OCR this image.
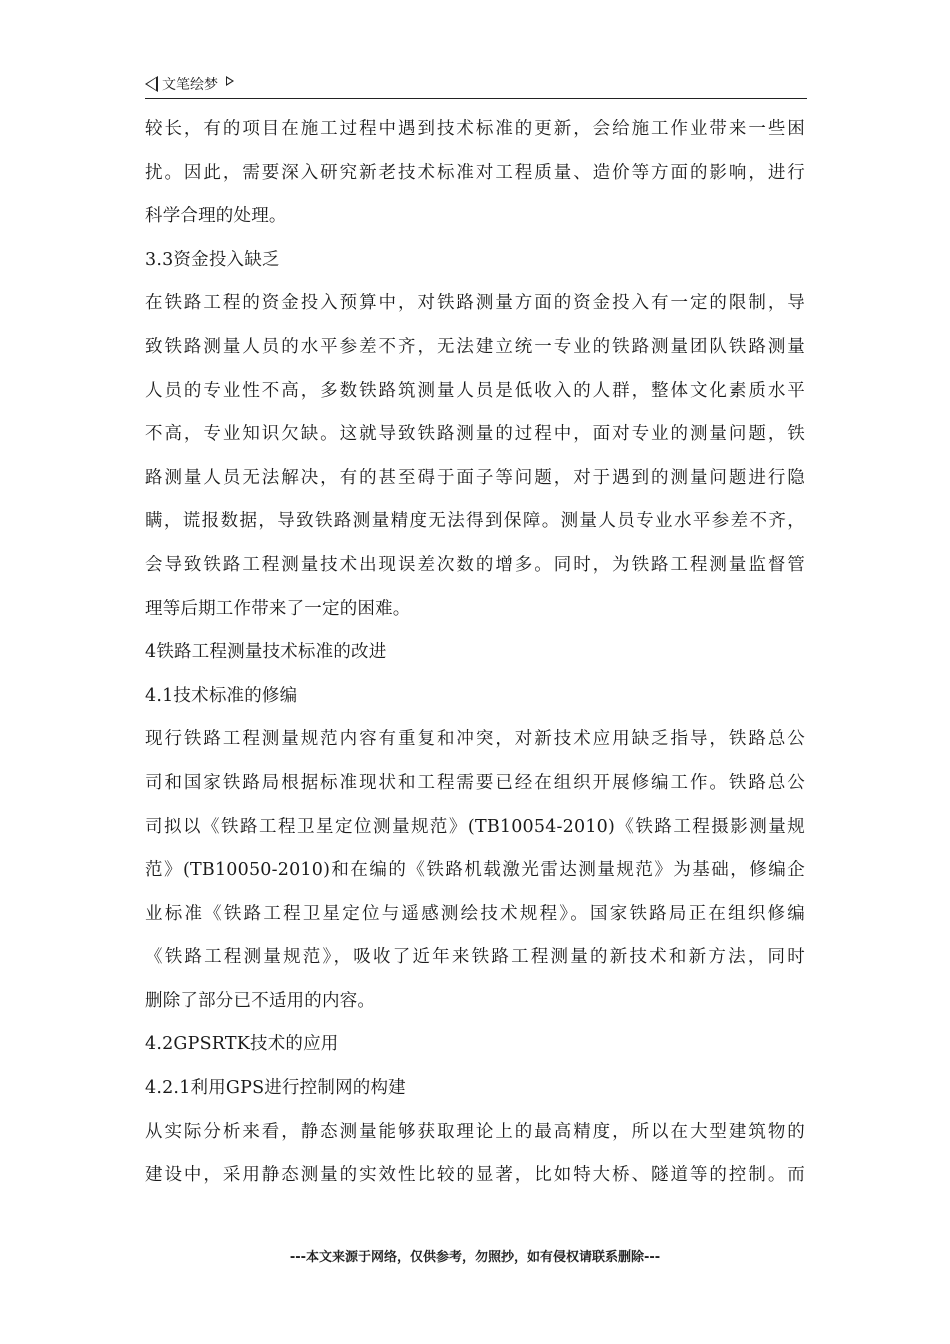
文笔绘梦
较长，有的项目在施工过程中遇到技术标准的更新，会给施工作业带来一些困
扰。因此，需要深入研究新老技术标准对工程质量、造价等方面的影响，进行
科学合理的处理。
3.3资金投入缺乏
在铁路工程的资金投入预算中，对铁路测量方面的资金投入有一定的限制，导
致铁路测量人员的水平参差不齐，无法建立统一专业的铁路测量团队铁路测量
人员的专业性不高，多数铁路筑测量人员是低收入的人群，整体文化素质水平
不高，专业知识欠缺。这就导致铁路测量的过程中，面对专业的测量问题，铁
路测量人员无法解决，有的甚至碍于面子等问题，对于遇到的测量问题进行隐
瞒，谎报数据，导致铁路测量精度无法得到保障。测量人员专业水平参差不齐，
会导致铁路工程测量技术出现误差次数的增多。同时，为铁路工程测量监督管
理等后期工作带来了一定的困难。
4铁路工程测量技术标准的改进
4.1技术标准的修编
现行铁路工程测量规范内容有重复和冲突，对新技术应用缺乏指导，铁路总公
司和国家铁路局根据标准现状和工程需要已经在组织开展修编工作。铁路总公
司拟以《铁路工程卫星定位测量规范》(TB10054-2010)《铁路工程摄影测量规
范》(TB10050-2010)和在编的《铁路机载激光雷达测量规范》为基础，修编企
业标准《铁路工程卫星定位与遥感测绘技术规程》。国家铁路局正在组织修编
《铁路工程测量规范》，吸收了近年来铁路工程测量的新技术和新方法，同时
删除了部分已不适用的内容。
4.2GPSRTK技术的应用
4.2.1利用GPS进行控制网的构建
从实际分析来看，静态测量能够获取理论上的最高精度，所以在大型建筑物的
建设中，采用静态测量的实效性比较的显著，比如特大桥、隧道等的控制。而
---本文来源于网络，仅供参考，勿照抄，如有侵权请联系删除---
